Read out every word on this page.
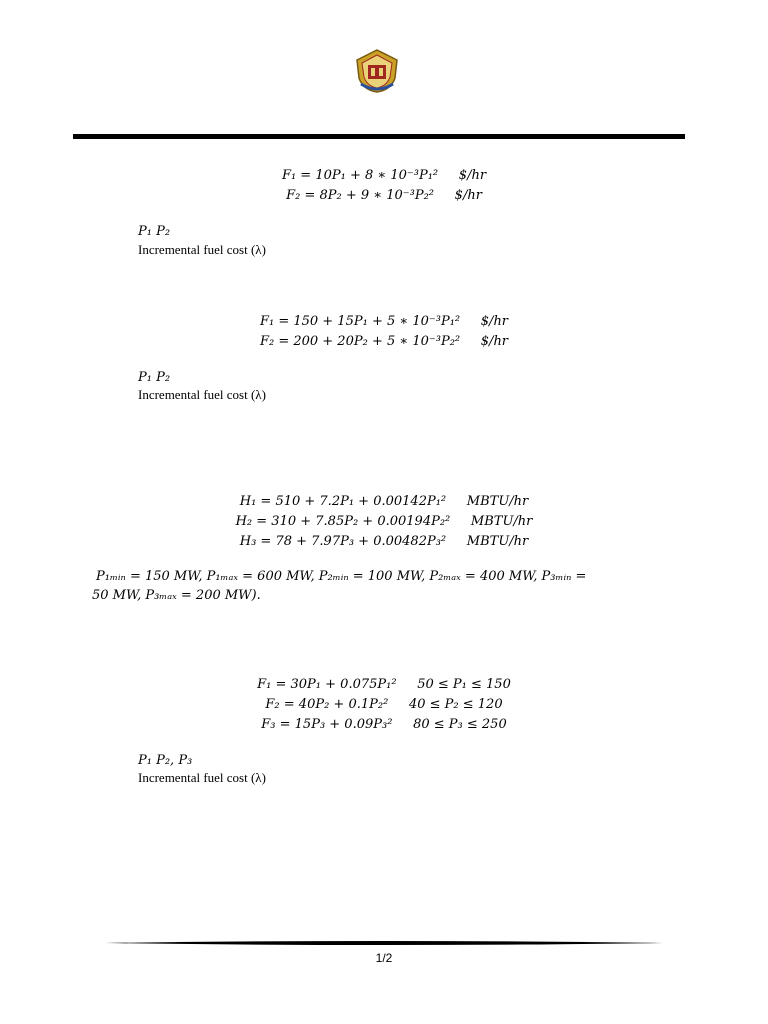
F₁ = 10P₁ + 8 ∗ 10⁻³P₁²     $/hr
F₂ = 8P₂ + 9 ∗ 10⁻³P₂²     $/hr
P₁ P₂
Incremental fuel cost (λ)
F₁ = 150 + 15P₁ + 5 ∗ 10⁻³P₁²     $/hr
F₂ = 200 + 20P₂ + 5 ∗ 10⁻³P₂²     $/hr
P₁ P₂
Incremental fuel cost (λ)
H₁ = 510 + 7.2P₁ + 0.00142P₁²     MBTU/hr
H₂ = 310 + 7.85P₂ + 0.00194P₂²     MBTU/hr
H₃ = 78 + 7.97P₃ + 0.00482P₃²     MBTU/hr
P₁ₘᵢₙ = 150 MW, P₁ₘₐₓ = 600 MW, P₂ₘᵢₙ = 100 MW, P₂ₘₐₓ = 400 MW, P₃ₘᵢₙ =
50 MW, P₃ₘₐₓ = 200 MW).
F₁ = 30P₁ + 0.075P₁²     50 ≤ P₁ ≤ 150
F₂ = 40P₂ + 0.1P₂²     40 ≤ P₂ ≤ 120
F₃ = 15P₃ + 0.09P₃²     80 ≤ P₃ ≤ 250
P₁ P₂, P₃
Incremental fuel cost (λ)
1/2
